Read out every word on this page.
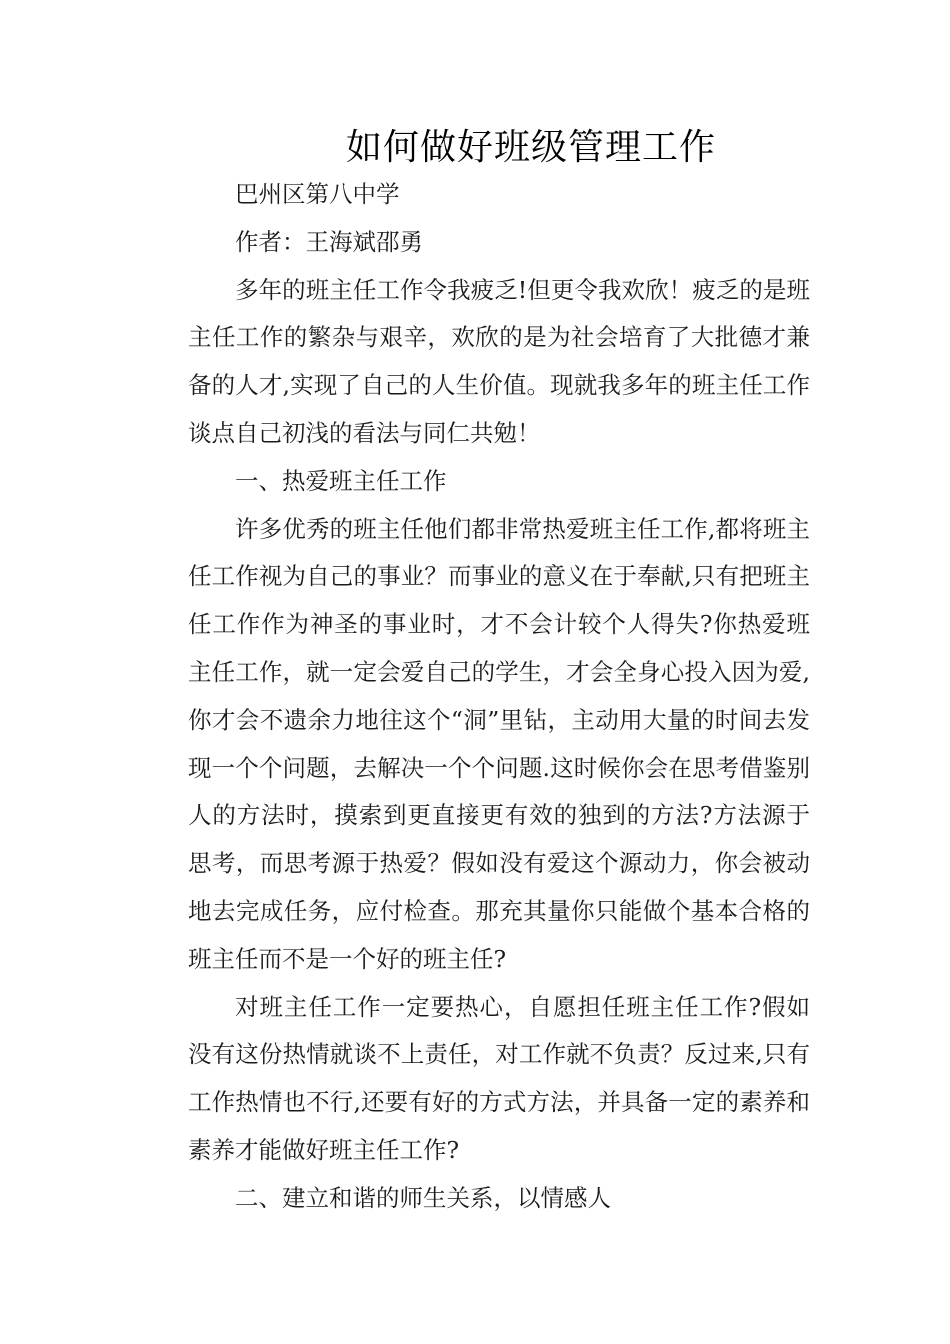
如何做好班级管理工作

巴州区第八中学

作者：王海斌邵勇

多年的班主任工作令我疲乏!但更令我欢欣！疲乏的是班主任工作的繁杂与艰辛，欢欣的是为社会培育了大批德才兼备的人才,实现了自己的人生价值。现就我多年的班主任工作谈点自己初浅的看法与同仁共勉！

一、热爱班主任工作

许多优秀的班主任他们都非常热爱班主任工作,都将班主任工作视为自己的事业？而事业的意义在于奉献,只有把班主任工作作为神圣的事业时，才不会计较个人得失?你热爱班主任工作，就一定会爱自己的学生，才会全身心投入因为爱,你才会不遗余力地往这个“洞”里钻，主动用大量的时间去发现一个个问题，去解决一个个问题.这时候你会在思考借鉴别人的方法时，摸索到更直接更有效的独到的方法?方法源于思考，而思考源于热爱？假如没有爱这个源动力，你会被动地去完成任务，应付检查。那充其量你只能做个基本合格的班主任而不是一个好的班主任?

对班主任工作一定要热心，自愿担任班主任工作?假如没有这份热情就谈不上责任，对工作就不负责？反过来,只有工作热情也不行,还要有好的方式方法，并具备一定的素养和素养才能做好班主任工作?

二、建立和谐的师生关系，以情感人
